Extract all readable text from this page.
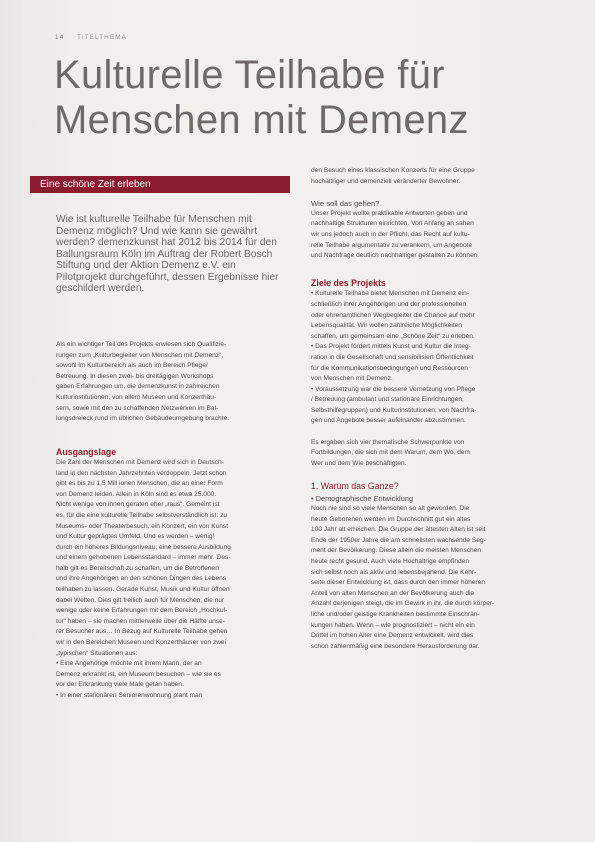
14 TITELTHEMA
Kulturelle Teilhabe für Menschen mit Demenz
Eine schöne Zeit erleben
Wie ist kulturelle Teilhabe für Menschen mit Demenz möglich? Und wie kann sie gewährt werden? demenzkunst hat 2012 bis 2014 für den Ballungsraum Köln im Auftrag der Robert Bosch Stiftung und der Aktion Demenz e.V. ein Pilotprojekt durchgeführt, dessen Ergebnisse hier geschildert werden.

Als ein wichtiger Teil des Projekts erwiesen sich Qualifizie-

rungen zum „Kulturbegleiter von Menschen mit Demenz“,

sowohl im Kulturbereich als auch im Bereich Pflege/

Betreuung. In diesen zwei- bis dreitägigen Workshops

gaben Erfahrungen um, die demenzkunst in zahlreichen

Kulturinstitutionen, von allem Museen und Konzerthäu-

sern, sowie mit den zu schaffenden Netzwerken im Bal-

lungsdreieck rund im üblichen Gebäudeumgebung brachte.

Ausgangslage

Die Zahl der Menschen mit Demenz wird sich in Deutsch-

land in den nächsten Jahrzehnten verdoppeln. Jetzt schon

gibt es bis zu 1,5 Mill ionen Menschen, die an einer Form

von Demenz leiden. Allein in Köln sind es etwa 25.000.

Nicht wenige von ihnen geraten eher „raus“. Gemeint ist

es, für die eine kulturelle Teilhabe selbstverständlich ist: zu

Museums- oder Theaterbesuch, ein Konzert, ein von Kunst

und Kultur geprägtes Umfeld. Und es werden – wenig!

durch ein höheres Bildungsniveau, eine bessere Ausbildung

und einem gehobenen Lebensstandard – immer mehr. Des-

halb gilt es Bereitschaft zu schaffen, um die Betroffenen

und ihre Angehörigen an den schönen Dingen des Lebens

teilhaben zu lassen. Gerade Kunst, Musik und Kultur öffnen

dabei Welten. Dies gilt freilich auch für Menschen, die nur

wenige oder keine Erfahrungen mit dem Bereich „Hochkul-

tur“ haben – sie machen mittlerweile über die Hälfte unse-

rer Besucher aus… In Bezug auf Kulturelle Teilhabe gehen

wir in den Bereichen Museen und Konzerthäuser von zwei

„typischen“ Situationen aus:

• Eine Angehörige möchte mit ihrem Mann, der an

Demenz erkrankt ist, ein Museum besuchen – wie sie es

vor der Erkrankung viele Male getan haben.

• In einer stationären Seniorenwohnung plant man

den Besuch eines klassischen Konzerts für eine Gruppe

hochaltriger und demenziell veränderter Bewohner.

Wie soll das gehen?

Unser Projekt wollte praktikable Antworten geben und

nachhaltige Strukturen einrichten. Von Anfang an sahen

wir uns jedoch auch in der Pflicht, das Recht auf kultu-

relle Teilhabe argumentativ zu verankern, um Angebote

und Nachfrage deutlich nachhaltiger gestalten zu können.

Ziele des Projekts

• Kulturelle Teilhabe bietet Menschen mit Demenz ein-

schließlich ihrer Angehörigen und der professionellen

oder ehrenamtlichen Wegbegleiter die Chance auf mehr

Lebensqualität. Wir wollen zahlreiche Möglichkeiten

schaffen, um gemeinsam eine „Schöne Zeit“ zu erleben.

• Das Projekt fördert mittels Kunst und Kultur die Integ-

ration in die Gesellschaft und sensibilisiert Öffentlichkeit

für die Kommunikationsbedingungen und Ressourcen

von Menschen mit Demenz.

• Voraussetzung war die bessere Vernetzung von Pflege

/ Betreuung (ambulant und stationäre Einrichtungen,

Selbsthilfegruppen) und Kulturinstitutionen; von Nachfra-

gen und Angebote besser aufeinander abzustimmen.

Es ergaben sich vier thematische Schwerpunkte von

Fortbildungen, die sich mit dem Warum, dem Wo, dem

Wer und dem Wie beschäftigten.

1. Warum das Ganze?
• Demographische Entwicklung

Noch nie sind so viele Menschen so alt geworden. Die

heute Geborenen werden im Durchschnitt gut ein altes

100 Jahr alt erreichen. Die Gruppe der ältesten Alten ist seit

Ende der 1950er Jahre die am schnellsten wachsende Seg-

ment der Bevölkerung. Diese allein die meisten Menschen

heute recht gesund. Auch viele Hochaltrige empfinden

sich selbst noch als aktiv und lebensbejahend. Die Kehr-

seite dieser Entwicklung ist, dass durch den immer höheren

Anteil von alten Menschen an der Bevölkerung auch die

Anzahl derjenigen steigt, die im Gewirk in ihr, die durch körper-

liche und/oder geistige Krankheiten bestimmte Einschrän-

kungen haben. Wenn – wie prognostiziert – nicht ein ein

Drittel im hohen Alter eine Demenz entwickelt, wird dies

schon zahlenmäßig eine besondere Herausforderung dar.
